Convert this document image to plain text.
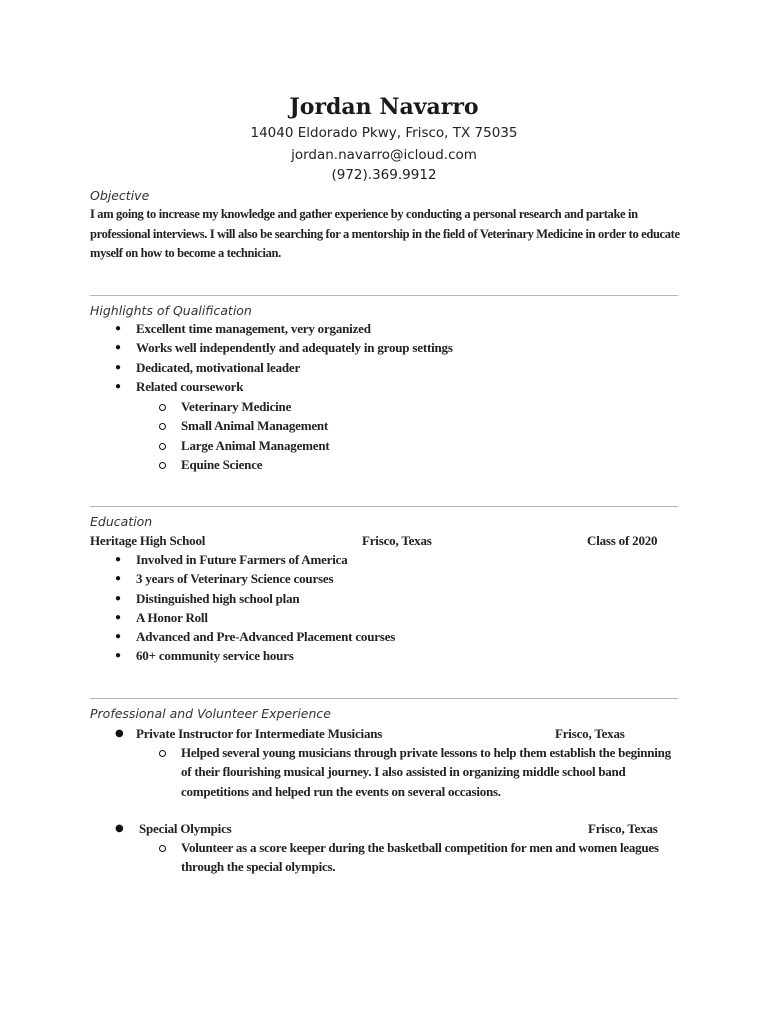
Jordan Navarro
14040 Eldorado Pkwy, Frisco, TX 75035
jordan.navarro@icloud.com
(972).369.9912
Objective
I am going to increase my knowledge and gather experience by conducting a personal research and partake in professional interviews. I will also be searching for a mentorship in the field of Veterinary Medicine in order to educate myself on how to become a technician.
Highlights of Qualification
● Excellent time management, very organized
● Works well independently and adequately in group settings
● Dedicated, motivational leader
● Related coursework
Veterinary Medicine
Small Animal Management
Large Animal Management
Equine Science
Education
Heritage High School	Frisco, Texas	Class of 2020
● Involved in Future Farmers of America
● 3 years of Veterinary Science courses
● Distinguished high school plan
● A Honor Roll
● Advanced and Pre-Advanced Placement courses
● 60+ community service hours
Professional and Volunteer Experience
● Private Instructor for Intermediate Musicians	Frisco, Texas
Helped several young musicians through private lessons to help them establish the beginning of their flourishing musical journey. I also assisted in organizing middle school band competitions and helped run the events on several occasions.
● Special Olympics	Frisco, Texas
Volunteer as a score keeper during the basketball competition for men and women leagues through the special olympics.
